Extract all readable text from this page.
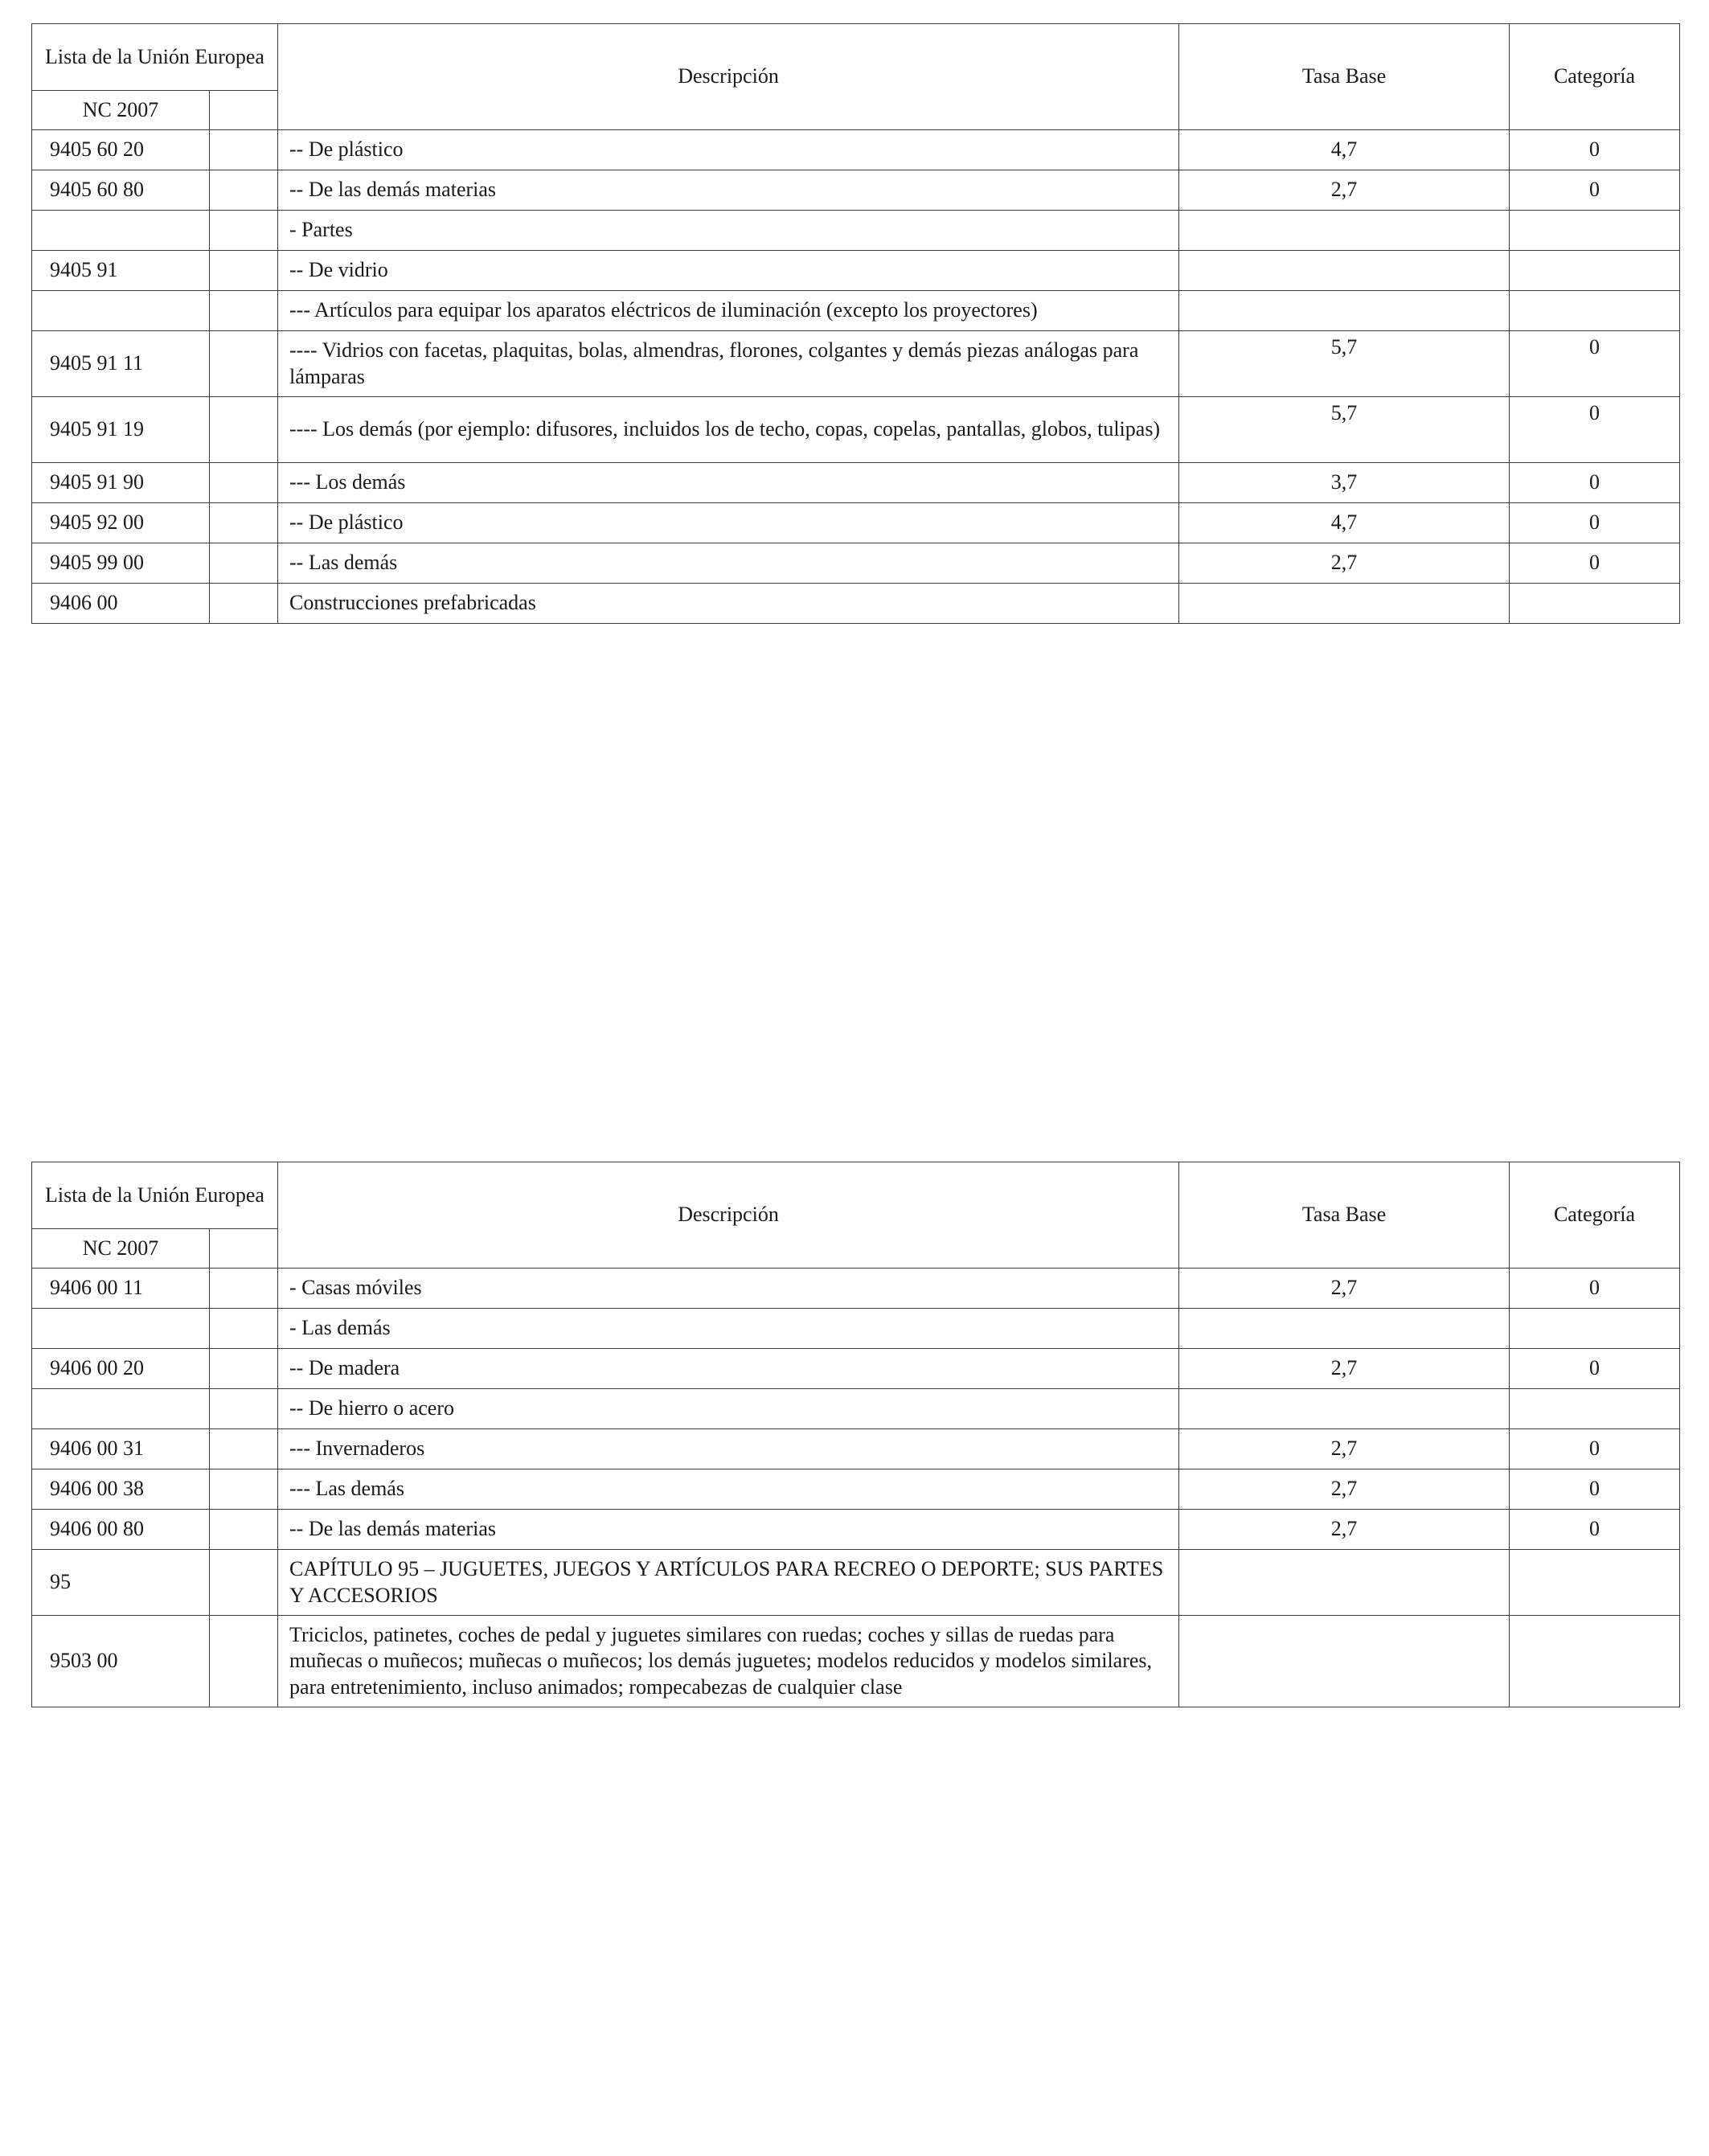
Lista de la Unión Europea		Descripción	Tasa Base	Categoría
NC 2007				
9405 60 20		-- De plástico	4,7	0
9405 60 80		-- De las demás materias	2,7	0
		- Partes		
9405 91		-- De vidrio		
		--- Artículos para equipar los aparatos eléctricos de iluminación (excepto los proyectores)		
9405 91 11		---- Vidrios con facetas, plaquitas, bolas, almendras, florones, colgantes y demás piezas análogas para lámparas	5,7	0
9405 91 19		---- Los demás (por ejemplo: difusores, incluidos los de techo, copas, copelas, pantallas, globos, tulipas)	5,7	0
9405 91 90		--- Los demás	3,7	0
9405 92 00		-- De plástico	4,7	0
9405 99 00		-- Las demás	2,7	0
9406 00		Construcciones prefabricadas		
Lista de la Unión Europea		Descripción	Tasa Base	Categoría
NC 2007				
9406 00 11		- Casas móviles	2,7	0
		- Las demás		
9406 00 20		-- De madera	2,7	0
		-- De hierro o acero		
9406 00 31		--- Invernaderos	2,7	0
9406 00 38		--- Las demás	2,7	0
9406 00 80		-- De las demás materias	2,7	0
95		CAPÍTULO 95 – JUGUETES, JUEGOS Y ARTÍCULOS PARA RECREO O DEPORTE; SUS PARTES Y ACCESORIOS		
9503 00		Triciclos, patinetes, coches de pedal y juguetes similares con ruedas; coches y sillas de ruedas para muñecas o muñecos; muñecas o muñecos; los demás juguetes; modelos reducidos y modelos similares, para entretenimiento, incluso animados; rompecabezas de cualquier clase		
